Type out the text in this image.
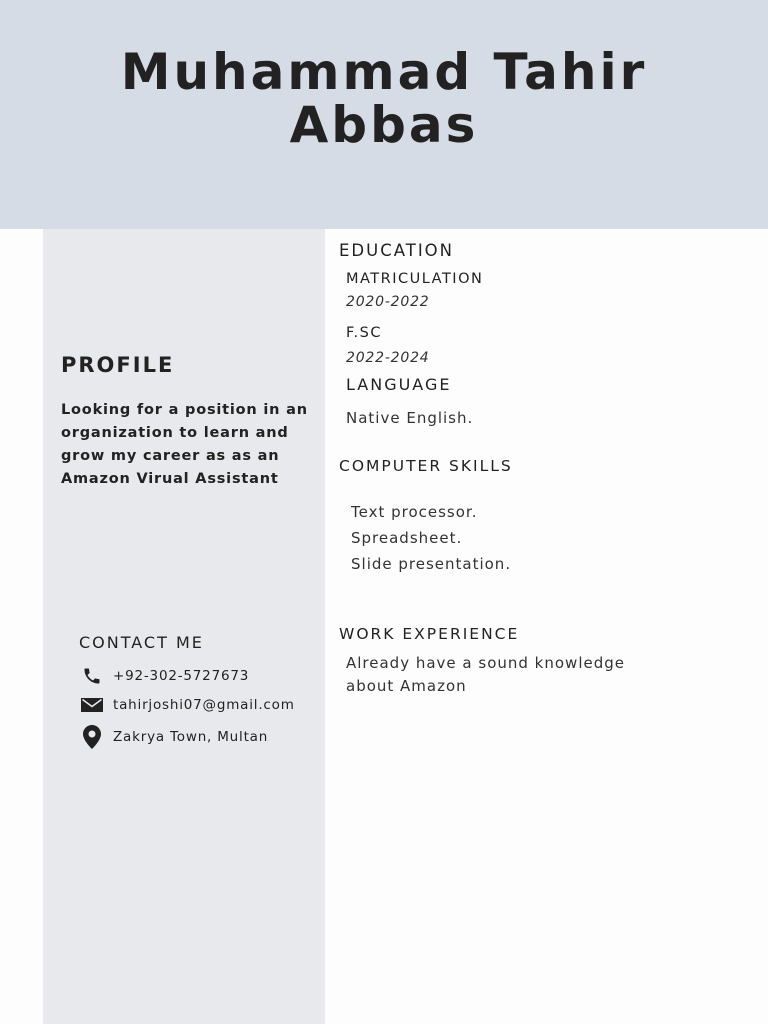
Muhammad Tahir
Abbas
PROFILE
Looking for a position in an
organization to learn and
grow my career as as an
Amazon Virual Assistant
CONTACT ME
+92-302-5727673
tahirjoshi07@gmail.com
Zakrya Town, Multan
EDUCATION
MATRICULATION
2020-2022
F.SC
2022-2024
LANGUAGE
Native English.
COMPUTER SKILLS
Text processor.
Spreadsheet.
Slide presentation.
WORK EXPERIENCE
Already have a sound knowledge
about Amazon
